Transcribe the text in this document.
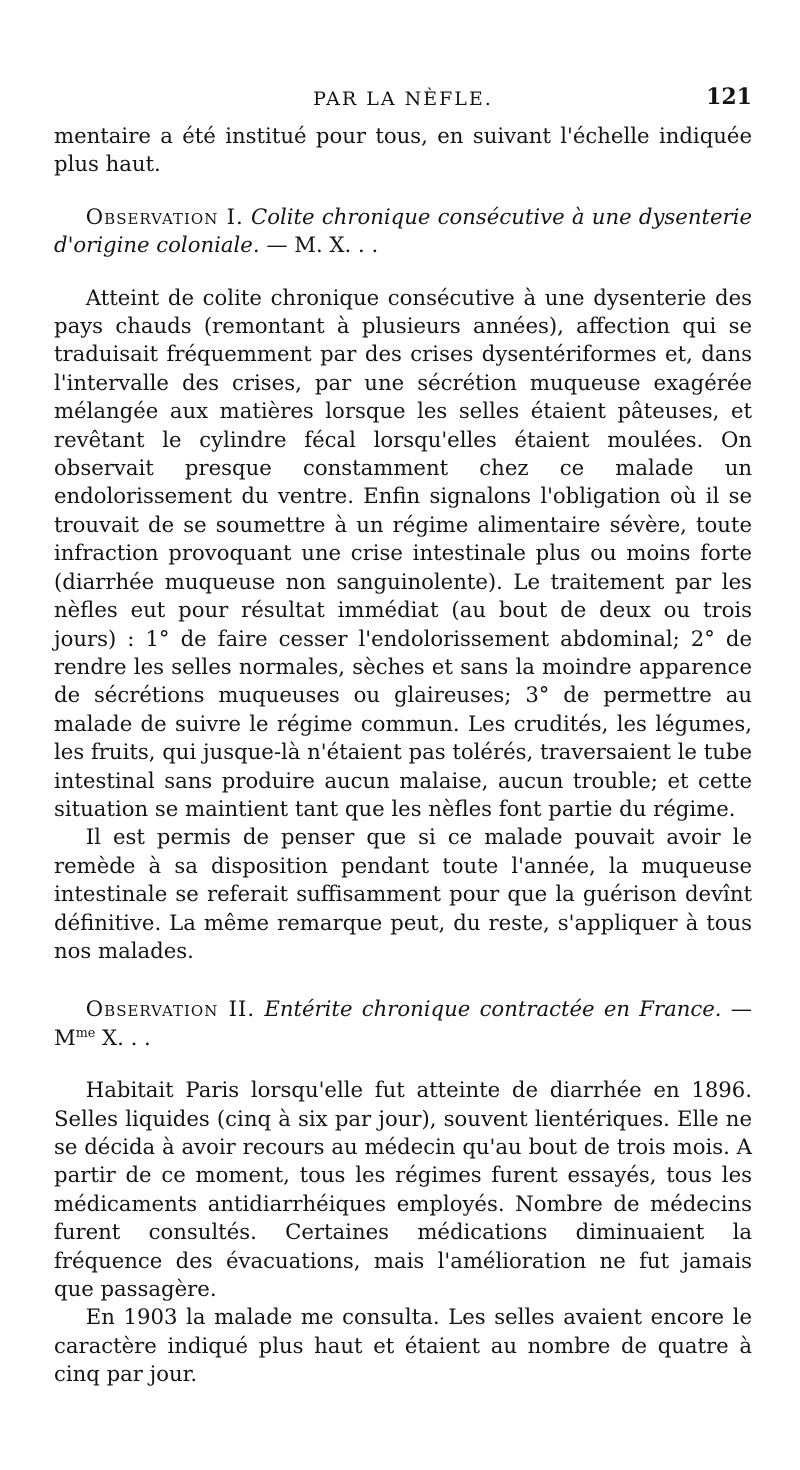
PAR LA NÈFLE.	121

mentaire a été institué pour tous, en suivant l'échelle indiquée plus haut.

Observation I. Colite chronique consécutive à une dysenterie d'origine coloniale. — M. X. . .

Atteint de colite chronique consécutive à une dysenterie des pays chauds (remontant à plusieurs années), affection qui se traduisait fréquemment par des crises dysentériformes et, dans l'intervalle des crises, par une sécrétion muqueuse exagérée mélangée aux matières lorsque les selles étaient pâteuses, et revêtant le cylindre fécal lorsqu'elles étaient moulées. On observait presque constamment chez ce malade un endolorissement du ventre. Enfin signalons l'obligation où il se trouvait de se soumettre à un régime alimentaire sévère, toute infraction provoquant une crise intestinale plus ou moins forte (diarrhée muqueuse non sanguinolente). Le traitement par les nèfles eut pour résultat immédiat (au bout de deux ou trois jours) : 1° de faire cesser l'endolorissement abdominal; 2° de rendre les selles normales, sèches et sans la moindre apparence de sécrétions muqueuses ou glaireuses; 3° de permettre au malade de suivre le régime commun. Les crudités, les légumes, les fruits, qui jusque-là n'étaient pas tolérés, traversaient le tube intestinal sans produire aucun malaise, aucun trouble; et cette situation se maintient tant que les nèfles font partie du régime.

Il est permis de penser que si ce malade pouvait avoir le remède à sa disposition pendant toute l'année, la muqueuse intestinale se referait suffisamment pour que la guérison devînt définitive. La même remarque peut, du reste, s'appliquer à tous nos malades.

Observation II. Entérite chronique contractée en France. — $M^{me}$ X. . .

Habitait Paris lorsqu'elle fut atteinte de diarrhée en 1896. Selles liquides (cinq à six par jour), souvent lientériques. Elle ne se décida à avoir recours au médecin qu'au bout de trois mois. A partir de ce moment, tous les régimes furent essayés, tous les médicaments antidiarrhéiques employés. Nombre de médecins furent consultés. Certaines médications diminuaient la fréquence des évacuations, mais l'amélioration ne fut jamais que passagère.

En 1903 la malade me consulta. Les selles avaient encore le caractère indiqué plus haut et étaient au nombre de quatre à cinq par jour.
